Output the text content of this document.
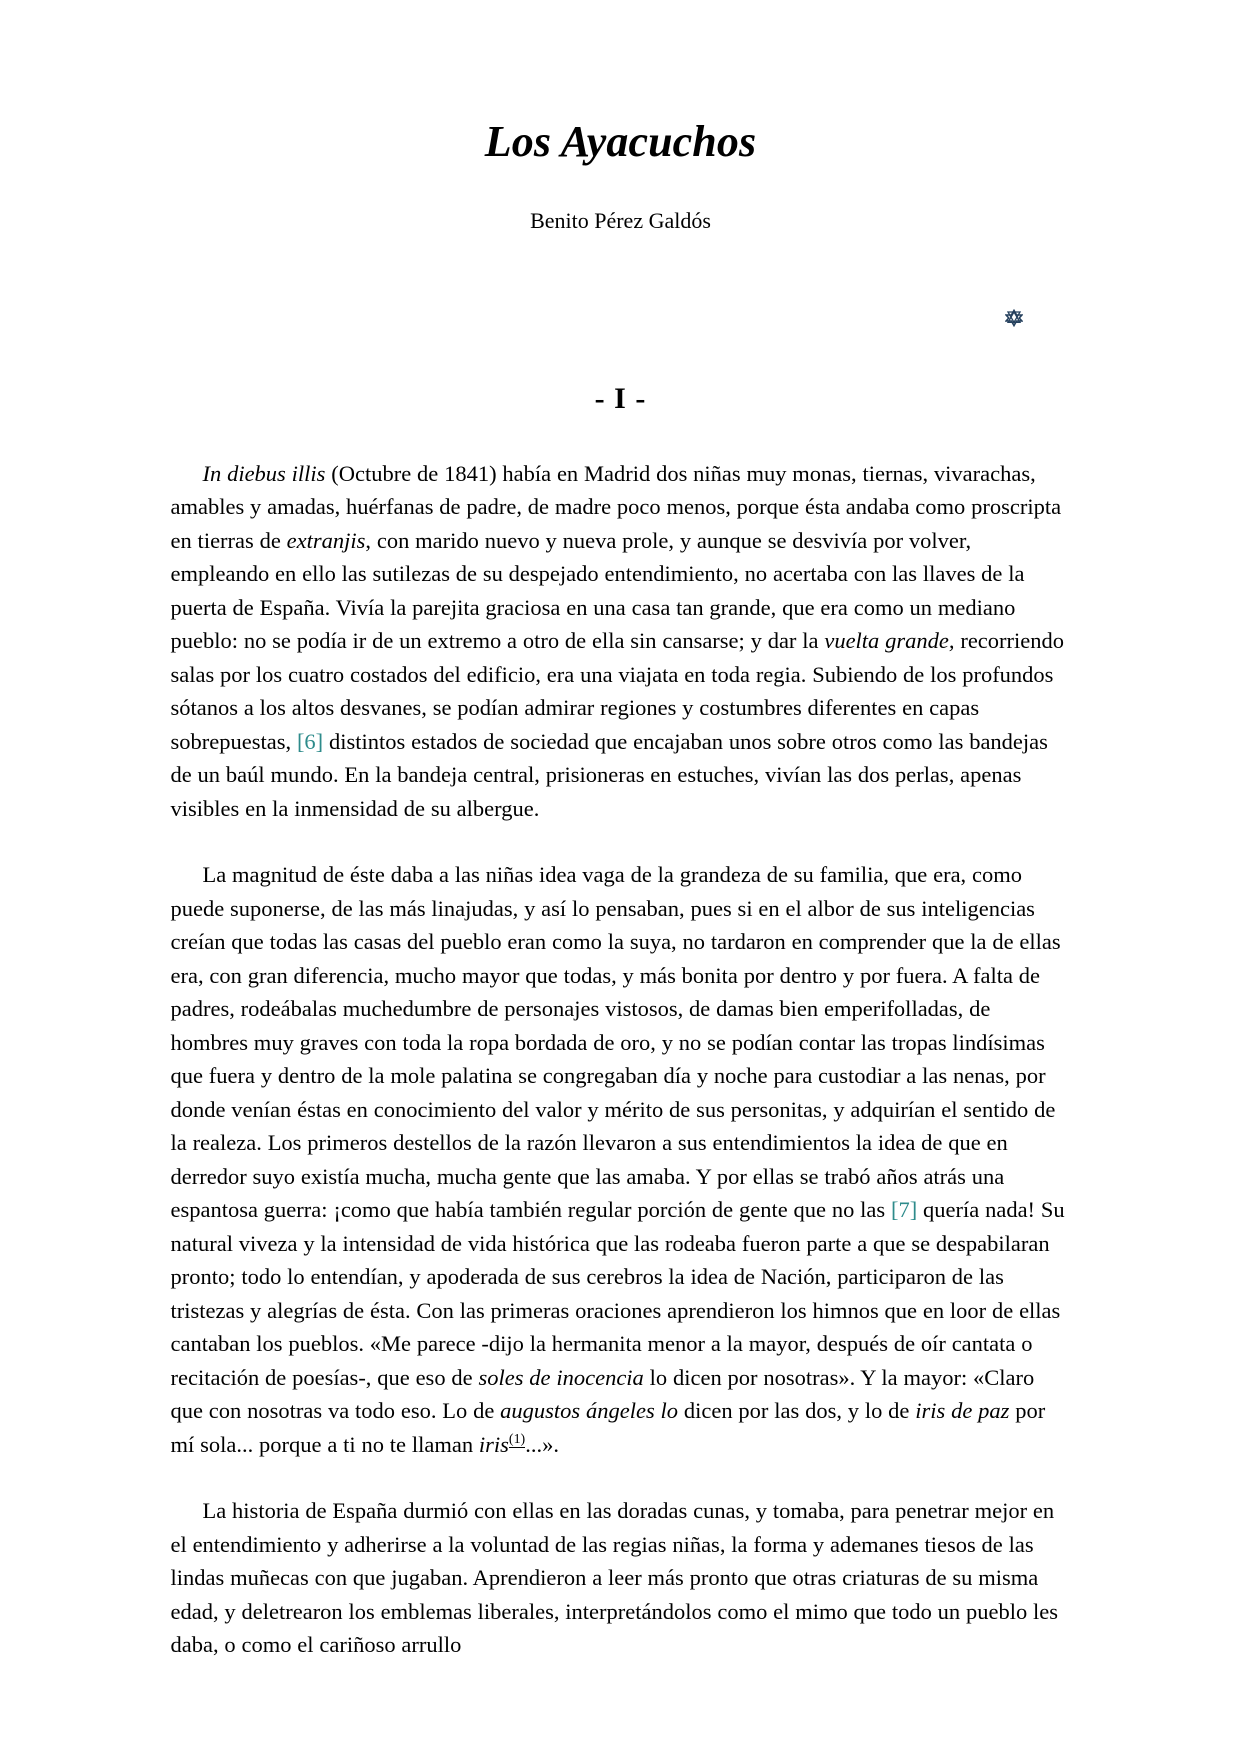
Los Ayacuchos
Benito Pérez Galdós
- I -

In diebus illis (Octubre de 1841) había en Madrid dos niñas muy monas, tiernas, vivarachas, amables y amadas, huérfanas de padre, de madre poco menos, porque ésta andaba como proscripta en tierras de extranjis, con marido nuevo y nueva prole, y aunque se desvivía por volver, empleando en ello las sutilezas de su despejado entendimiento, no acertaba con las llaves de la puerta de España. Vivía la parejita graciosa en una casa tan grande, que era como un mediano pueblo: no se podía ir de un extremo a otro de ella sin cansarse; y dar la vuelta grande, recorriendo salas por los cuatro costados del edificio, era una viajata en toda regia. Subiendo de los profundos sótanos a los altos desvanes, se podían admirar regiones y costumbres diferentes en capas sobrepuestas, [6] distintos estados de sociedad que encajaban unos sobre otros como las bandejas de un baúl mundo. En la bandeja central, prisioneras en estuches, vivían las dos perlas, apenas visibles en la inmensidad de su albergue.

La magnitud de éste daba a las niñas idea vaga de la grandeza de su familia, que era, como puede suponerse, de las más linajudas, y así lo pensaban, pues si en el albor de sus inteligencias creían que todas las casas del pueblo eran como la suya, no tardaron en comprender que la de ellas era, con gran diferencia, mucho mayor que todas, y más bonita por dentro y por fuera. A falta de padres, rodeábalas muchedumbre de personajes vistosos, de damas bien emperifolladas, de hombres muy graves con toda la ropa bordada de oro, y no se podían contar las tropas lindísimas que fuera y dentro de la mole palatina se congregaban día y noche para custodiar a las nenas, por donde venían éstas en conocimiento del valor y mérito de sus personitas, y adquirían el sentido de la realeza. Los primeros destellos de la razón llevaron a sus entendimientos la idea de que en derredor suyo existía mucha, mucha gente que las amaba. Y por ellas se trabó años atrás una espantosa guerra: ¡como que había también regular porción de gente que no las [7] quería nada! Su natural viveza y la intensidad de vida histórica que las rodeaba fueron parte a que se despabilaran pronto; todo lo entendían, y apoderada de sus cerebros la idea de Nación, participaron de las tristezas y alegrías de ésta. Con las primeras oraciones aprendieron los himnos que en loor de ellas cantaban los pueblos. «Me parece -dijo la hermanita menor a la mayor, después de oír cantata o recitación de poesías-, que eso de soles de inocencia lo dicen por nosotras». Y la mayor: «Claro que con nosotras va todo eso. Lo de augustos ángeles lo dicen por las dos, y lo de iris de paz por mí sola... porque a ti no te llaman iris$^{(1)}$...».

La historia de España durmió con ellas en las doradas cunas, y tomaba, para penetrar mejor en el entendimiento y adherirse a la voluntad de las regias niñas, la forma y ademanes tiesos de las lindas muñecas con que jugaban. Aprendieron a leer más pronto que otras criaturas de su misma edad, y deletrearon los emblemas liberales, interpretándolos como el mimo que todo un pueblo les daba, o como el cariñoso arrullo
